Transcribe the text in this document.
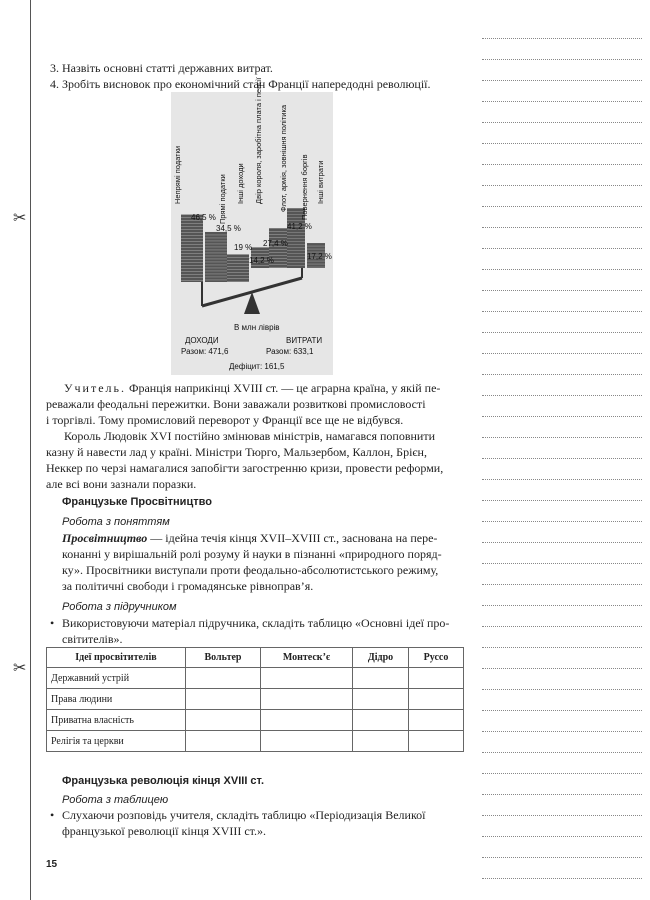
✂
✂
3. Назвіть основні статті державних витрат.
4. Зробіть висновок про економічний стан Франції напередодні революції.
Непрямі податки	Прямі податки Інші доходи Двір короля, заробітна плата і пенсії Флот, армія, зовнішня політика Повернення боргів Інші витрати
46,5 %
34,5 %
19 %
14,2 %
27,4 %
41,2 %
17,2 %
В млн ліврів
ДОХОДИ	ВИТРАТИ
Разом: 471,6	Разом: 633,1
Дефіцит: 161,5

Учитель. Франція наприкінці XVIII ст. — це аграрна країна, у якій пе-

реважали феодальні пережитки. Вони заважали розвиткові промисловості

і торгівлі. Тому промисловий переворот у Франції все ще не відбувся.

Король Людовік XVI постійно змінював міністрів, намагався поповнити

казну й навести лад у країні. Міністри Тюрго, Мальзербом, Каллон, Брієн,

Неккер по черзі намагалися запобігти загостренню кризи, провести реформи,

але всі вони зазнали поразки.

Французьке Просвітництво
Робота з поняттям

Просвітництво — ідейна течія кінця XVII–XVIII ст., заснована на пере-

конанні у вирішальній ролі розуму й науки в пізнанні «природного поряд-

ку». Просвітники виступали проти феодально-абсолютистського режиму,

за політичні свободи і громадянське рівноправ’я.

Робота з підручником
• Використовуючи матеріал підручника, складіть таблицю «Основні ідеї про-

світителів».

Ідеї просвітителів	Вольтер	Монтеск’є	Дідро	Руссо
Державний устрій				
Права людини				
Приватна власність				
Релігія та церкви				
Французька революція кінця XVIII ст.
Робота з таблицею
• Слухаючи розповідь учителя, складіть таблицю «Періодизація Великої

французької революції кінця XVIII ст.».

15
